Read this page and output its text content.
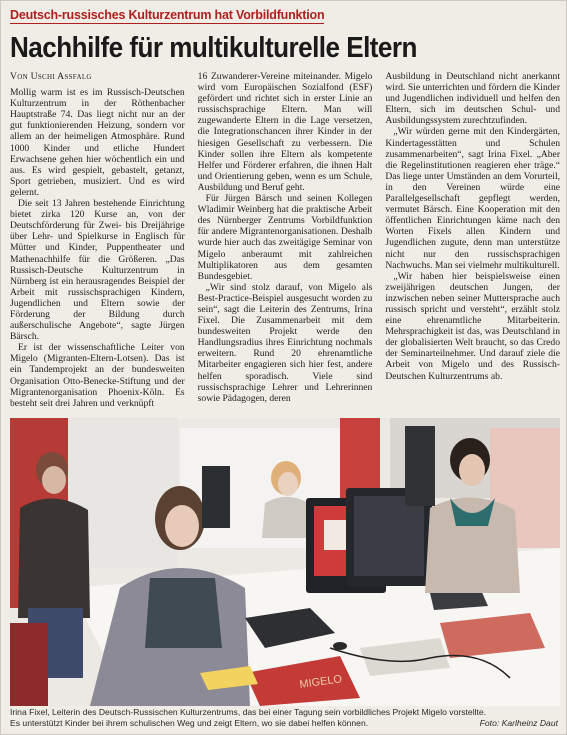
Deutsch-russisches Kulturzentrum hat Vorbildfunktion
Nachhilfe für multikulturelle Eltern
Von Uschi Assfalg

Mollig warm ist es im Russisch-Deutschen Kulturzentrum in der Röthenbacher Hauptstraße 74. Das liegt nicht nur an der gut funktionierenden Heizung, sondern vor allem an der heimeligen Atmosphäre. Rund 1000 Kinder und etliche Hundert Erwachsene gehen hier wöchentlich ein und aus. Es wird gespielt, gebastelt, getanzt, Sport getrieben, musiziert. Und es wird gelernt.

Die seit 13 Jahren bestehende Einrichtung bietet zirka 120 Kurse an, von der Deutschförderung für Zwei- bis Dreijährige über Lehr- und Spielkurse in Englisch für Mütter und Kinder, Puppentheater und Mathenachhilfe für die Größeren. „Das Russisch-Deutsche Kulturzentrum in Nürnberg ist ein herausragendes Beispiel der Arbeit mit russischsprachigen Kindern, Jugendlichen und Eltern sowie der Förderung der Bildung durch außerschulische Angebote“, sagte Jürgen Bärsch.

Er ist der wissenschaftliche Leiter von Migelo (Migranten-Eltern-Lotsen). Das ist ein Tandemprojekt an der bundesweiten Organisation Otto-Benecke-Stiftung und der Migrantenorganisation Phoenix-Köln. Es besteht seit drei Jahren und verknüpft

16 Zuwanderer-Vereine miteinander. Migelo wird vom Europäischen Sozialfond (ESF) gefördert und richtet sich in erster Linie an russischsprachige Eltern. Man will zugewanderte Eltern in die Lage versetzen, die Integrationschancen ihrer Kinder in der hiesigen Gesellschaft zu verbessern. Die Kinder sollen ihre Eltern als kompetente Helfer und Förderer erfahren, die ihnen Halt und Orientierung geben, wenn es um Schule, Ausbildung und Beruf geht.

Für Jürgen Bärsch und seinen Kollegen Wladimir Weinberg hat die praktische Arbeit des Nürnberger Zentrums Vorbildfunktion für andere Migrantenorganisationen. Deshalb wurde hier auch das zweitägige Seminar von Migelo anberaumt mit zahlreichen Multiplikatoren aus dem gesamten Bundesgebiet.

„Wir sind stolz darauf, von Migelo als Best-Practice-Beispiel ausgesucht worden zu sein“, sagt die Leiterin des Zentrums, Irina Fixel. Die Zusammenarbeit mit dem bundesweiten Projekt werde den Handlungsradius ihres Einrichtung nochmals erweitern. Rund 20 ehrenamtliche Mitarbeiter engagieren sich hier fest, andere helfen sporadisch. Viele sind russischsprachige Lehrer und Lehrerinnen sowie Pädagogen, deren

Ausbildung in Deutschland nicht anerkannt wird. Sie unterrichten und fördern die Kinder und Jugendlichen individuell und helfen den Eltern, sich im deutschen Schul- und Ausbildungssystem zurechtzufinden.

„Wir würden gerne mit den Kindergärten, Kindertagesstätten und Schulen zusammenarbeiten“, sagt Irina Fixel. „Aber die Regelinstitutionen reagieren eher träge.“ Das liege unter Umständen an dem Vorurteil, in den Vereinen würde eine Parallelgesellschaft gepflegt werden, vermutet Bärsch. Eine Kooperation mit den öffentlichen Einrichtungen käme nach den Worten Fixels allen Kindern und Jugendlichen zugute, denn man unterstütze nicht nur den russischsprachigen Nachwuchs. Man sei vielmehr multikulturell.

„Wir haben hier beispielsweise einen zweijährigen deutschen Jungen, der inzwischen neben seiner Muttersprache auch russisch spricht und versteht“, erzählt stolz eine ehrenamtliche Mitarbeiterin. Mehrsprachigkeit ist das, was Deutschland in der globalisierten Welt braucht, so das Credo der Seminarteilnehmer. Und darauf ziele die Arbeit von Migelo und des Russisch-Deutschen Kulturzentrums ab.

MIGELO
Irina Fixel, Leiterin des Deutsch-Russischen Kulturzentrums, das bei einer Tagung sein vorbildliches Projekt Migelo vorstellte.
Es unterstützt Kinder bei ihrem schulischen Weg und zeigt Eltern, wo sie dabei helfen können.	Foto: Karlheinz Daut
